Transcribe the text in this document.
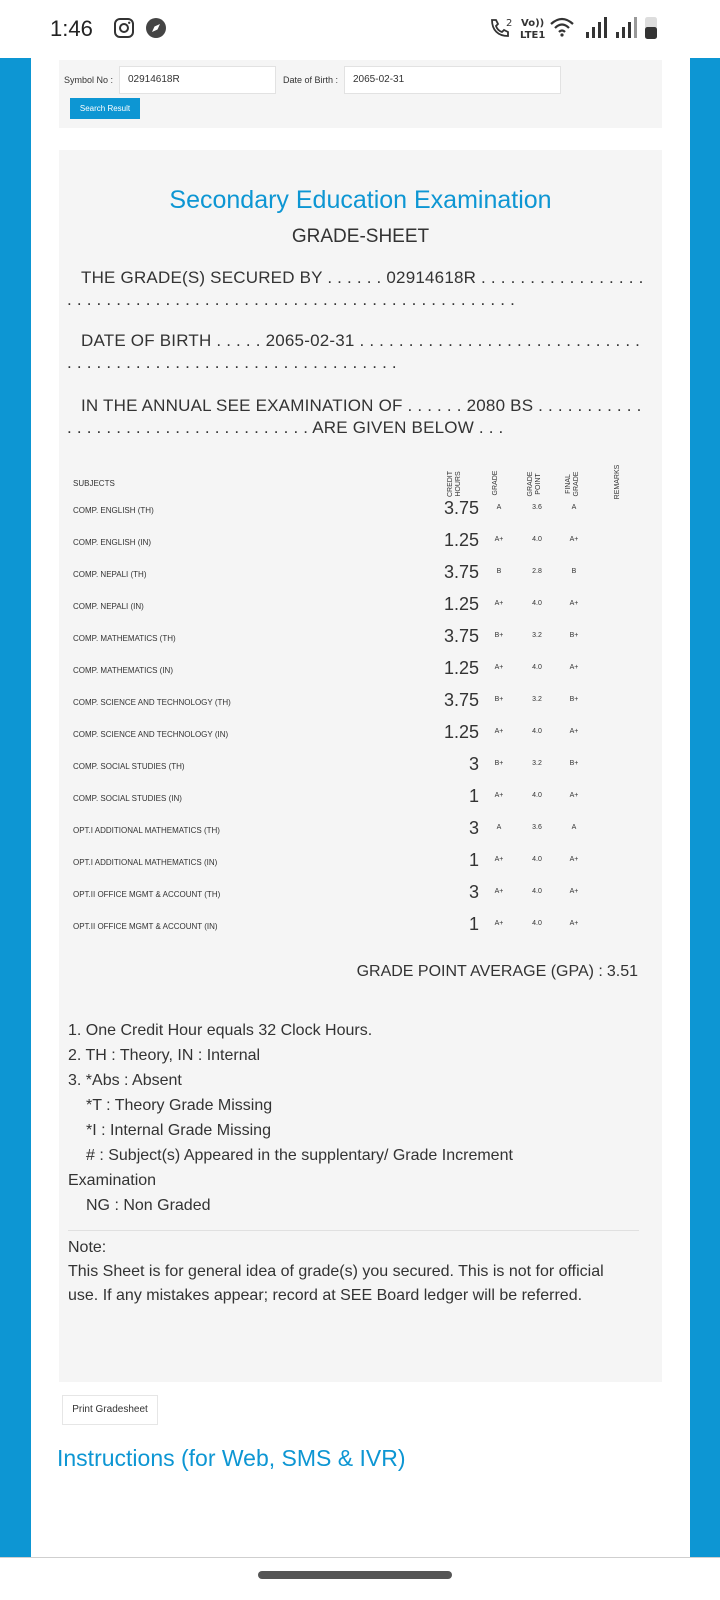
1:46	2 Vo))
LTE1
Symbol No :	02914618R	Date of Birth :	2065-02-31
Search Result
Secondary Education Examination
GRADE-SHEET
THE GRADE(S) SECURED BY . . . . . . 02914618R . . . . . . . . . . . . . . . . . . . . . . . . . . . . . . . . . . . . . . . . . . . . . . . . . . . . . . . . . . . . . . .
DATE OF BIRTH . . . . . 2065-02-31 . . . . . . . . . . . . . . . . . . . . . . . . . . . . . . . . . . . . . . . . . . . . . . . . . . . . . . . . . . . . . . .
IN THE ANNUAL SEE EXAMINATION OF . . . . . . 2080 BS . . . . . . . . . . . . . . . . . . . . . . . . . . . . . . . . . . . . ARE GIVEN BELOW . . .
SUBJECTS	CREDIT HOURS	GRADE	GRADE POINT	FINAL GRADE	REMARKS
COMP. ENGLISH (TH)	3.75	A	3.6	A
COMP. ENGLISH (IN)	1.25	A+	4.0	A+
COMP. NEPALI (TH)	3.75	B	2.8	B
COMP. NEPALI (IN)	1.25	A+	4.0	A+
COMP. MATHEMATICS (TH)	3.75	B+	3.2	B+
COMP. MATHEMATICS (IN)	1.25	A+	4.0	A+
COMP. SCIENCE AND TECHNOLOGY (TH)	3.75	B+	3.2	B+
COMP. SCIENCE AND TECHNOLOGY (IN)	1.25	A+	4.0	A+
COMP. SOCIAL STUDIES (TH)	3	B+	3.2	B+
COMP. SOCIAL STUDIES (IN)	1	A+	4.0	A+
OPT.I ADDITIONAL MATHEMATICS (TH)	3	A	3.6	A
OPT.I ADDITIONAL MATHEMATICS (IN)	1	A+	4.0	A+
OPT.II OFFICE MGMT & ACCOUNT (TH)	3	A+	4.0	A+
OPT.II OFFICE MGMT & ACCOUNT (IN)	1	A+	4.0	A+
GRADE POINT AVERAGE (GPA) : 3.51
1. One Credit Hour equals 32 Clock Hours.
2. TH : Theory, IN : Internal
3. *Abs : Absent
*T : Theory Grade Missing
*I : Internal Grade Missing
# : Subject(s) Appeared in the supplentary/ Grade Increment
Examination
NG : Non Graded
Note:
This Sheet is for general idea of grade(s) you secured. This is not for official use. If any mistakes appear; record at SEE Board ledger will be referred.
Print Gradesheet
Instructions (for Web, SMS & IVR)
